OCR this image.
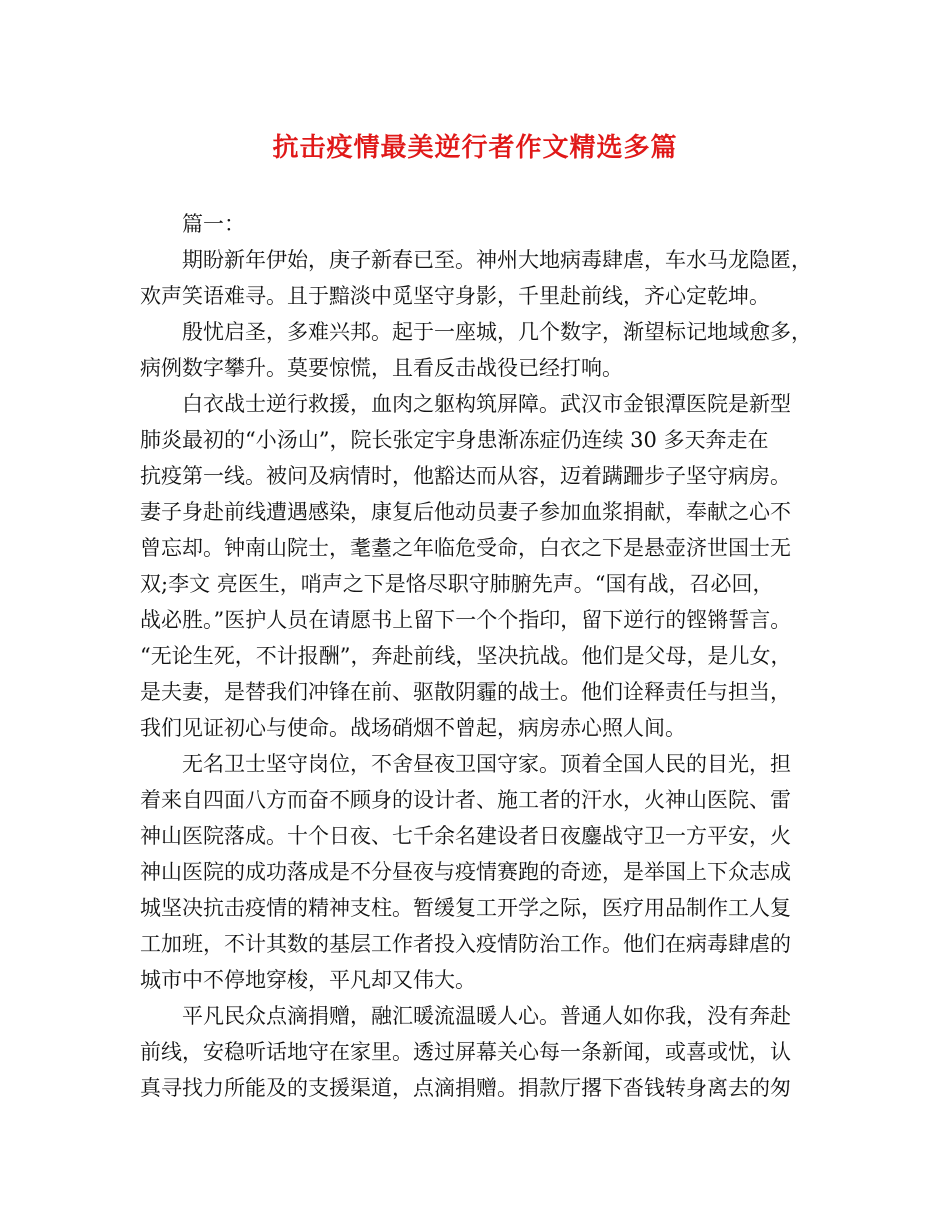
抗击疫情最美逆行者作文精选多篇
篇一：
期盼新年伊始，庚子新春已至。神州大地病毒肆虐，车水马龙隐匿，
欢声笑语难寻。且于黯淡中觅坚守身影，千里赴前线，齐心定乾坤。
殷忧启圣，多难兴邦。起于一座城，几个数字，渐望标记地域愈多，
病例数字攀升。莫要惊慌，且看反击战役已经打响。
白衣战士逆行救援，血肉之躯构筑屏障。武汉市金银潭医院是新型
肺炎最初的“小汤山”，院长张定宇身患渐冻症仍连续 30 多天奔走在
抗疫第一线。被问及病情时，他豁达而从容，迈着蹒跚步子坚守病房。
妻子身赴前线遭遇感染，康复后他动员妻子参加血浆捐献，奉献之心不
曾忘却。钟南山院士，耄耋之年临危受命，白衣之下是悬壶济世国士无
双;李文 亮医生，哨声之下是恪尽职守肺腑先声。“国有战，召必回，
战必胜。”医护人员在请愿书上留下一个个指印，留下逆行的铿锵誓言。
“无论生死，不计报酬”，奔赴前线，坚决抗战。他们是父母，是儿女，
是夫妻，是替我们冲锋在前、驱散阴霾的战士。他们诠释责任与担当，
我们见证初心与使命。战场硝烟不曾起，病房赤心照人间。
无名卫士坚守岗位，不舍昼夜卫国守家。顶着全国人民的目光，担
着来自四面八方而奋不顾身的设计者、施工者的汗水，火神山医院、雷
神山医院落成。十个日夜、七千余名建设者日夜鏖战守卫一方平安，火
神山医院的成功落成是不分昼夜与疫情赛跑的奇迹，是举国上下众志成
城坚决抗击疫情的精神支柱。暂缓复工开学之际，医疗用品制作工人复
工加班，不计其数的基层工作者投入疫情防治工作。他们在病毒肆虐的
城市中不停地穿梭，平凡却又伟大。
平凡民众点滴捐赠，融汇暖流温暖人心。普通人如你我，没有奔赴
前线，安稳听话地守在家里。透过屏幕关心每一条新闻，或喜或忧，认
真寻找力所能及的支援渠道，点滴捐赠。捐款厅撂下沓钱转身离去的匆
